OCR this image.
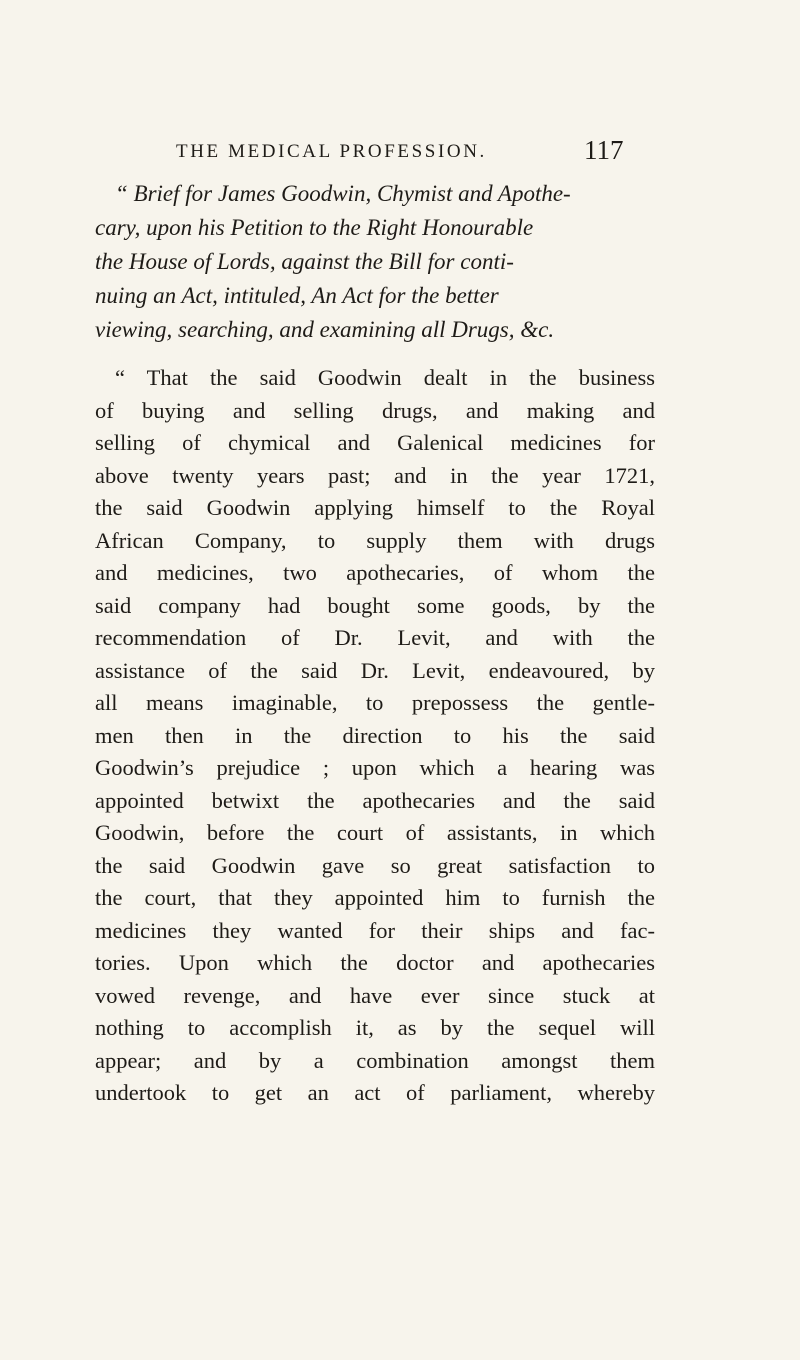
THE MEDICAL PROFESSION.	117
“ Brief for James Goodwin, Chymist and Apothe-
cary, upon his Petition to the Right Honourable
the House of Lords, against the Bill for conti-
nuing an Act, intituled, An Act for the better
viewing, searching, and examining all Drugs, &c.
“ That the said Goodwin dealt in the business
of buying and selling drugs, and making and
selling of chymical and Galenical medicines for
above twenty years past; and in the year 1721,
the said Goodwin applying himself to the Royal
African Company, to supply them with drugs
and medicines, two apothecaries, of whom the
said company had bought some goods, by the
recommendation of Dr. Levit, and with the
assistance of the said Dr. Levit, endeavoured, by
all means imaginable, to prepossess the gentle-
men then in the direction to his the said
Goodwin’s prejudice ; upon which a hearing was
appointed betwixt the apothecaries and the said
Goodwin, before the court of assistants, in which
the said Goodwin gave so great satisfaction to
the court, that they appointed him to furnish the
medicines they wanted for their ships and fac-
tories. Upon which the doctor and apothecaries
vowed revenge, and have ever since stuck at
nothing to accomplish it, as by the sequel will
appear; and by a combination amongst them
undertook to get an act of parliament, whereby
